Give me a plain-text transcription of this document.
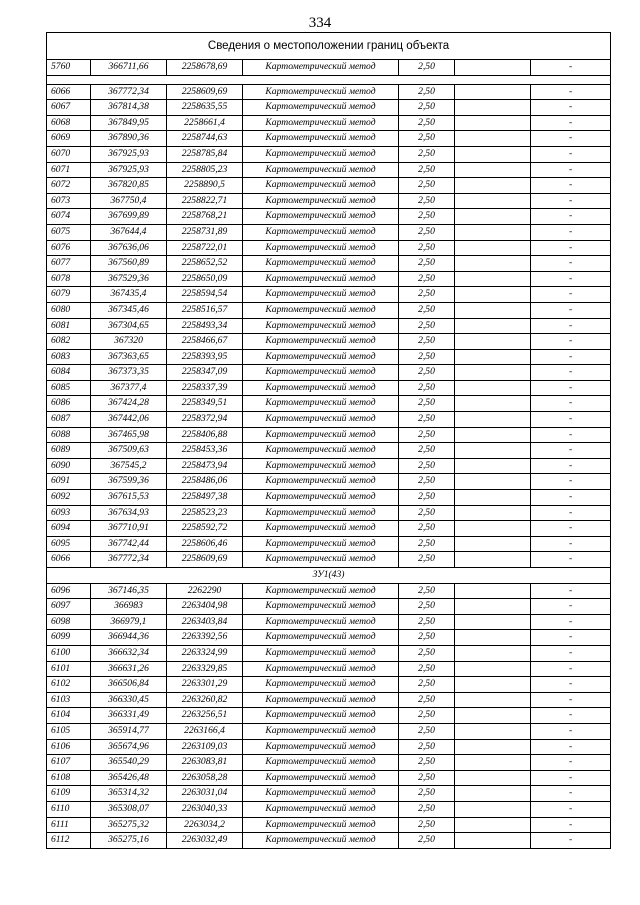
334
Сведения о местоположении границ объекта						
5760	366711,66	2258678,69	Картометрический метод	2,50		-

6066	367772,34	2258609,69	Картометрический метод	2,50		-
6067	367814,38	2258635,55	Картометрический метод	2,50		-
6068	367849,95	2258661,4	Картометрический метод	2,50		-
6069	367890,36	2258744,63	Картометрический метод	2,50		-
6070	367925,93	2258785,84	Картометрический метод	2,50		-
6071	367925,93	2258805,23	Картометрический метод	2,50		-
6072	367820,85	2258890,5	Картометрический метод	2,50		-
6073	367750,4	2258822,71	Картометрический метод	2,50		-
6074	367699,89	2258768,21	Картометрический метод	2,50		-
6075	367644,4	2258731,89	Картометрический метод	2,50		-
6076	367636,06	2258722,01	Картометрический метод	2,50		-
6077	367560,89	2258652,52	Картометрический метод	2,50		-
6078	367529,36	2258650,09	Картометрический метод	2,50		-
6079	367435,4	2258594,54	Картометрический метод	2,50		-
6080	367345,46	2258516,57	Картометрический метод	2,50		-
6081	367304,65	2258493,34	Картометрический метод	2,50		-
6082	367320	2258466,67	Картометрический метод	2,50		-
6083	367363,65	2258393,95	Картометрический метод	2,50		-
6084	367373,35	2258347,09	Картометрический метод	2,50		-
6085	367377,4	2258337,39	Картометрический метод	2,50		-
6086	367424,28	2258349,51	Картометрический метод	2,50		-
6087	367442,06	2258372,94	Картометрический метод	2,50		-
6088	367465,98	2258406,88	Картометрический метод	2,50		-
6089	367509,63	2258453,36	Картометрический метод	2,50		-
6090	367545,2	2258473,94	Картометрический метод	2,50		-
6091	367599,36	2258486,06	Картометрический метод	2,50		-
6092	367615,53	2258497,38	Картометрический метод	2,50		-
6093	367634,93	2258523,23	Картометрический метод	2,50		-
6094	367710,91	2258592,72	Картометрический метод	2,50		-
6095	367742,44	2258606,46	Картометрический метод	2,50		-
6066	367772,34	2258609,69	Картометрический метод	2,50		-
ЗУ1(43)						
6096	367146,35	2262290	Картометрический метод	2,50		-
6097	366983	2263404,98	Картометрический метод	2,50		-
6098	366979,1	2263403,84	Картометрический метод	2,50		-
6099	366944,36	2263392,56	Картометрический метод	2,50		-
6100	366632,34	2263324,99	Картометрический метод	2,50		-
6101	366631,26	2263329,85	Картометрический метод	2,50		-
6102	366506,84	2263301,29	Картометрический метод	2,50		-
6103	366330,45	2263260,82	Картометрический метод	2,50		-
6104	366331,49	2263256,51	Картометрический метод	2,50		-
6105	365914,77	2263166,4	Картометрический метод	2,50		-
6106	365674,96	2263109,03	Картометрический метод	2,50		-
6107	365540,29	2263083,81	Картометрический метод	2,50		-
6108	365426,48	2263058,28	Картометрический метод	2,50		-
6109	365314,32	2263031,04	Картометрический метод	2,50		-
6110	365308,07	2263040,33	Картометрический метод	2,50		-
6111	365275,32	2263034,2	Картометрический метод	2,50		-
6112	365275,16	2263032,49	Картометрический метод	2,50		-
